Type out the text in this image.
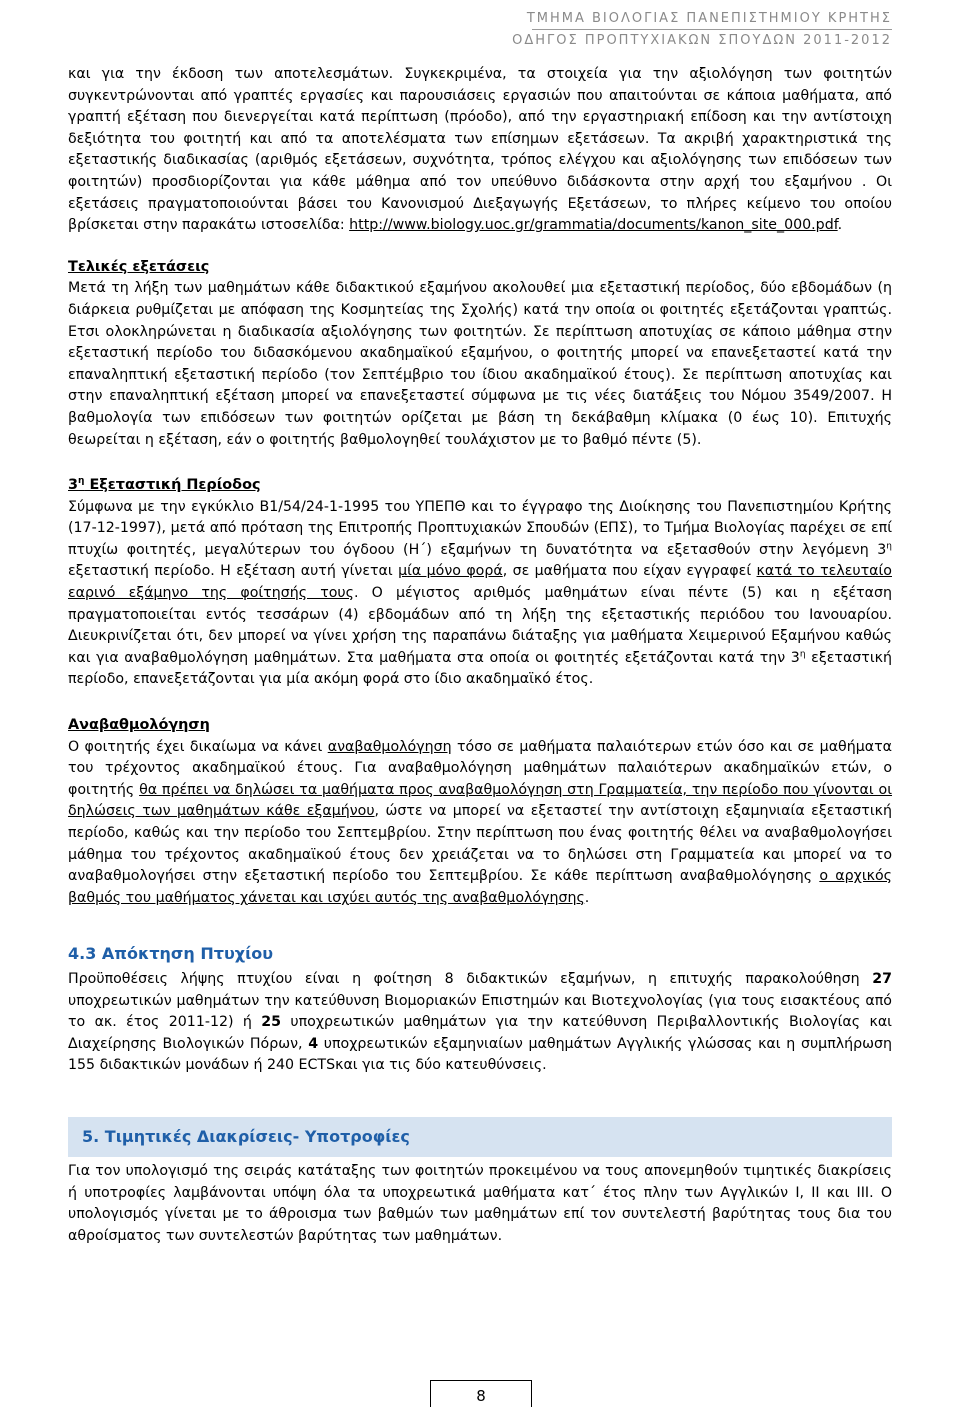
ΤΜΗΜΑ ΒΙΟΛΟΓΙΑΣ ΠΑΝΕΠΙΣΤΗΜΙΟΥ ΚΡΗΤΗΣ
ΟΔΗΓΟΣ ΠΡΟΠΤΥΧΙΑΚΩΝ ΣΠΟΥΔΩΝ 2011-2012

και για την έκδοση των αποτελεσμάτων. Συγκεκριμένα, τα στοιχεία για την αξιολόγηση των φοιτητών συγκεντρώνονται από γραπτές εργασίες και παρουσιάσεις εργασιών που απαιτούνται σε κάποια μαθήματα, από γραπτή εξέταση που διενεργείται κατά περίπτωση (πρόοδο), από την εργαστηριακή επίδοση και την αντίστοιχη δεξιότητα του φοιτητή και από τα αποτελέσματα των επίσημων εξετάσεων. Τα ακριβή χαρακτηριστικά της εξεταστικής διαδικασίας (αριθμός εξετάσεων, συχνότητα, τρόπος ελέγχου και αξιολόγησης των επιδόσεων των φοιτητών) προσδιορίζονται για κάθε μάθημα από τον υπεύθυνο διδάσκοντα στην αρχή του εξαμήνου . Οι εξετάσεις πραγματοποιούνται βάσει του Κανονισμού Διεξαγωγής Εξετάσεων, το πλήρες κείμενο του οποίου βρίσκεται στην παρακάτω ιστοσελίδα: http://www.biology.uoc.gr/grammatia/documents/kanon_site_000.pdf.

Τελικές εξετάσεις

Μετά τη λήξη των μαθημάτων κάθε διδακτικού εξαμήνου ακολουθεί μια εξεταστική περίοδος, δύο εβδομάδων (η διάρκεια ρυθμίζεται με απόφαση της Κοσμητείας της Σχολής) κατά την οποία οι φοιτητές εξετάζονται γραπτώς. Ετσι ολοκληρώνεται η διαδικασία αξιολόγησης των φοιτητών. Σε περίπτωση αποτυχίας σε κάποιο μάθημα στην εξεταστική περίοδο του διδασκόμενου ακαδημαϊκού εξαμήνου, ο φοιτητής μπορεί να επανεξεταστεί κατά την επαναληπτική εξεταστική περίοδο (τον Σεπτέμβριο του ίδιου ακαδημαϊκού έτους). Σε περίπτωση αποτυχίας και στην επαναληπτική εξέταση μπορεί να επανεξεταστεί σύμφωνα με τις νέες διατάξεις του Νόμου 3549/2007. Η βαθμολογία των επιδόσεων των φοιτητών ορίζεται με βάση τη δεκάβαθμη κλίμακα (0 έως 10). Επιτυχής θεωρείται η εξέταση, εάν ο φοιτητής βαθμολογηθεί τουλάχιστον με το βαθμό πέντε (5).

$3^\eta$ Εξεταστική Περίοδος

Σύμφωνα με την εγκύκλιο Β1/54/24-1-1995 του ΥΠΕΠΘ και το έγγραφο της Διοίκησης του Πανεπιστημίου Κρήτης (17-12-1997), μετά από πρόταση της Επιτροπής Προπτυχιακών Σπουδών (ΕΠΣ), το Τμήμα Βιολογίας παρέχει σε επί πτυχίω φοιτητές, μεγαλύτερων του όγδοου (Η΄) εξαμήνων τη δυνατότητα να εξετασθούν στην λεγόμενη $3^\eta$ εξεταστική περίοδο. Η εξέταση αυτή γίνεται μία μόνο φορά, σε μαθήματα που είχαν εγγραφεί κατά το τελευταίο εαρινό εξάμηνο της φοίτησής τους. Ο μέγιστος αριθμός μαθημάτων είναι πέντε (5) και η εξέταση πραγματοποιείται εντός τεσσάρων (4) εβδομάδων από τη λήξη της εξεταστικής περιόδου του Ιανουαρίου. Διευκρινίζεται ότι, δεν μπορεί να γίνει χρήση της παραπάνω διάταξης για μαθήματα Χειμερινού Εξαμήνου καθώς και για αναβαθμολόγηση μαθημάτων. Στα μαθήματα στα οποία οι φοιτητές εξετάζονται κατά την $3^\eta$ εξεταστική περίοδο, επανεξετάζονται για μία ακόμη φορά στο ίδιο ακαδημαϊκό έτος.

Αναβαθμολόγηση

Ο φοιτητής έχει δικαίωμα να κάνει αναβαθμολόγηση τόσο σε μαθήματα παλαιότερων ετών όσο και σε μαθήματα του τρέχοντος ακαδημαϊκού έτους. Για αναβαθμολόγηση μαθημάτων παλαιότερων ακαδημαϊκών ετών, ο φοιτητής θα πρέπει να δηλώσει τα μαθήματα προς αναβαθμολόγηση στη Γραμματεία, την περίοδο που γίνονται οι δηλώσεις των μαθημάτων κάθε εξαμήνου, ώστε να μπορεί να εξεταστεί την αντίστοιχη εξαμηνιαία εξεταστική περίοδο, καθώς και την περίοδο του Σεπτεμβρίου. Στην περίπτωση που ένας φοιτητής θέλει να αναβαθμολογήσει μάθημα του τρέχοντος ακαδημαϊκού έτους δεν χρειάζεται να το δηλώσει στη Γραμματεία και μπορεί να το αναβαθμολογήσει στην εξεταστική περίοδο του Σεπτεμβρίου. Σε κάθε περίπτωση αναβαθμολόγησης ο αρχικός βαθμός του μαθήματος χάνεται και ισχύει αυτός της αναβαθμολόγησης.

4.3 Απόκτηση Πτυχίου

Προϋποθέσεις λήψης πτυχίου είναι η φοίτηση 8 διδακτικών εξαμήνων, η επιτυχής παρακολούθηση 27 υποχρεωτικών μαθημάτων την κατεύθυνση Βιομοριακών Επιστημών και Βιοτεχνολογίας (για τους εισακτέους από το ακ. έτος 2011-12) ή 25 υποχρεωτικών μαθημάτων για την κατεύθυνση Περιβαλλοντικής Βιολογίας και Διαχείρησης Βιολογικών Πόρων, 4 υποχρεωτικών εξαμηνιαίων μαθημάτων Αγγλικής γλώσσας και η συμπλήρωση 155 διδακτικών μονάδων ή 240 ECTSκαι για τις δύο κατευθύνσεις.

5. Τιμητικές Διακρίσεις- Υποτροφίες

Για τον υπολογισμό της σειράς κατάταξης των φοιτητών προκειμένου να τους απονεμηθούν τιμητικές διακρίσεις ή υποτροφίες λαμβάνονται υπόψη όλα τα υποχρεωτικά μαθήματα κατ΄ έτος πλην των Αγγλικών Ι, ΙΙ και ΙΙΙ. Ο υπολογισμός γίνεται με το άθροισμα των βαθμών των μαθημάτων επί τον συντελεστή βαρύτητας τους δια του αθροίσματος των συντελεστών βαρύτητας των μαθημάτων.

8
